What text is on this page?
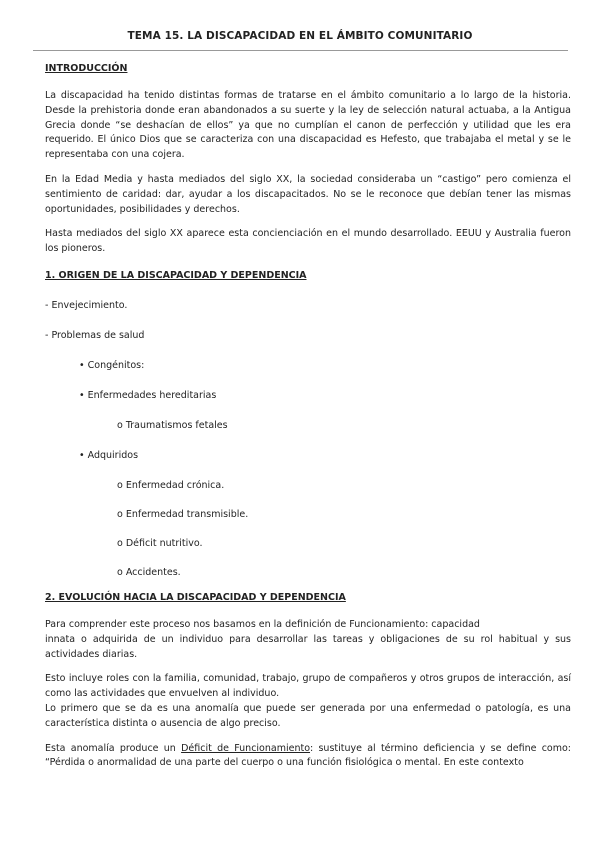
TEMA 15. LA DISCAPACIDAD EN EL ÁMBITO COMUNITARIO
INTRODUCCIÓN

La discapacidad ha tenido distintas formas de tratarse en el ámbito comunitario a lo largo de la historia. Desde la prehistoria donde eran abandonados a su suerte y la ley de selección natural actuaba, a la Antigua Grecia donde “se deshacían de ellos” ya que no cumplían el canon de perfección y utilidad que les era requerido. El único Dios que se caracteriza con una discapacidad es Hefesto, que trabajaba el metal y se le representaba con una cojera.

En la Edad Media y hasta mediados del siglo XX, la sociedad consideraba un “castigo” pero comienza el sentimiento de caridad: dar, ayudar a los discapacitados. No se le reconoce que debían tener las mismas oportunidades, posibilidades y derechos.

Hasta mediados del siglo XX aparece esta concienciación en el mundo desarrollado. EEUU y Australia fueron los pioneros.

1. ORIGEN DE LA DISCAPACIDAD Y DEPENDENCIA
- Envejecimiento.
- Problemas de salud
• Congénitos:
• Enfermedades hereditarias
o Traumatismos fetales
• Adquiridos
o Enfermedad crónica.
o Enfermedad transmisible.
o Déficit nutritivo.
o Accidentes.
2. EVOLUCIÓN HACIA LA DISCAPACIDAD Y DEPENDENCIA

Para comprender este proceso nos basamos en la definición de Funcionamiento: capacidad

innata o adquirida de un individuo para desarrollar las tareas y obligaciones de su rol habitual y sus actividades diarias.

Esto incluye roles con la familia, comunidad, trabajo, grupo de compañeros y otros grupos de interacción, así como las actividades que envuelven al individuo.

Lo primero que se da es una anomalía que puede ser generada por una enfermedad o patología, es una característica distinta o ausencia de algo preciso.

Esta anomalía produce un Déficit de Funcionamiento: sustituye al término deficiencia y se define como: “Pérdida o anormalidad de una parte del cuerpo o una función fisiológica o mental. En este contexto
